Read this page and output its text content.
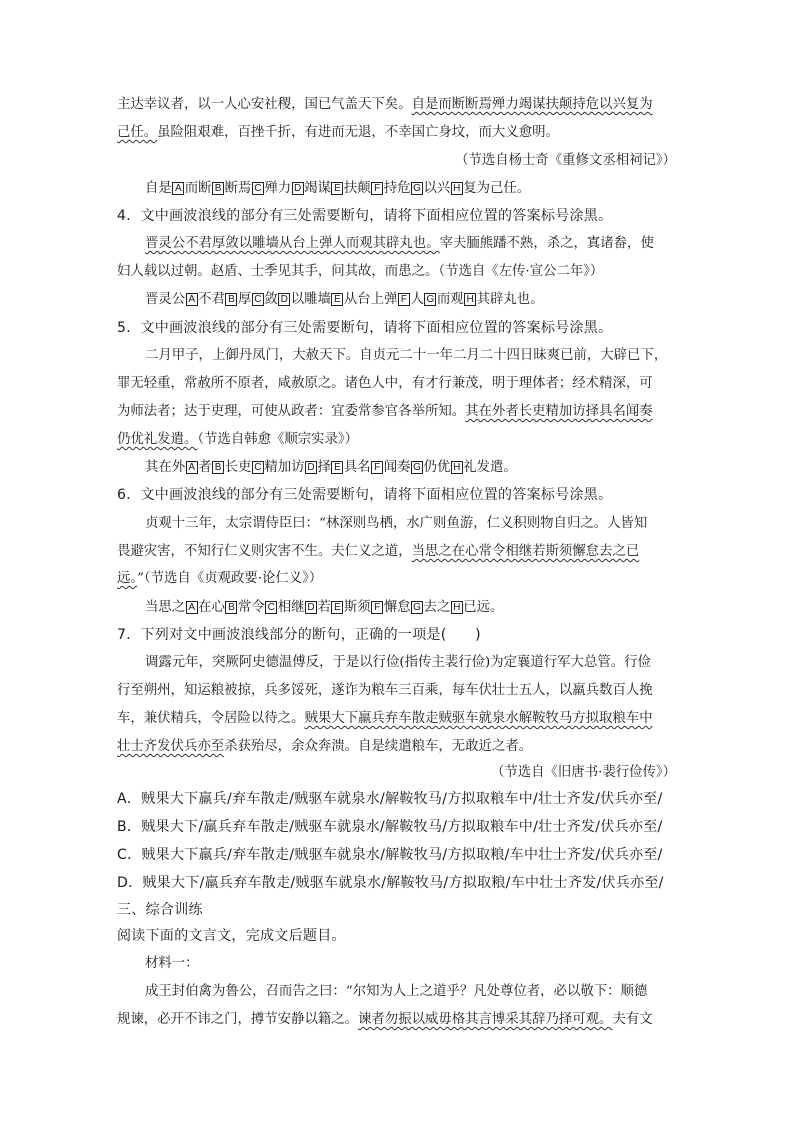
主达幸议者，以一人心安社稷，国已气盖天下矣。自是而断断焉殚力竭谋扶颠持危以兴复为
己任。虽险阻艰难，百挫千折，有进而无退，不幸国亡身坟，而大义愈明。
（节选自杨士奇《重修文丞相祠记》）
自是 A 而断 B 断焉 C 殚力 D 竭谋 E 扶颠 F 持危 G 以兴 H 复为己任。
4．文中画波浪线的部分有三处需要断句，请将下面相应位置的答案标号涂黑。
晋灵公不君厚敛以雕墙从台上弹人而观其辟丸也。宰夫胹熊蹯不熟，杀之，寘诸畚，使
妇人载以过朝。赵盾、士季见其手，问其故，而患之。（节选自《左传·宣公二年》）
晋灵公 A 不君 B 厚 C 敛 D 以雕墙 E 从台上弹 F 人 G 而观 H 其辟丸也。
5．文中画波浪线的部分有三处需要断句，请将下面相应位置的答案标号涂黑。
二月甲子，上御丹凤门，大赦天下。自贞元二十一年二月二十四日昧爽已前，大辟已下，
罪无轻重，常赦所不原者，咸赦原之。诸色人中，有才行兼茂，明于理体者；经术精深，可
为师法者；达于吏理，可使从政者：宜委常参官各举所知。其在外者长吏精加访择具名闻奏
仍优礼发遣。（节选自韩愈《顺宗实录》）
其在外 A 者 B 长吏 C 精加访 D 择 E 具名 F 闻奏 G 仍优 H 礼发遣。
6．文中画波浪线的部分有三处需要断句，请将下面相应位置的答案标号涂黑。
贞观十三年，太宗谓侍臣曰：“林深则鸟栖，水广则鱼游，仁义积则物自归之。人皆知
畏避灾害，不知行仁义则灾害不生。夫仁义之道，当思之在心常令相继若斯须懈怠去之已
远。”（节选自《贞观政要·论仁义》）
当思之 A 在心 B 常令 C 相继 D 若 E 斯须 F 懈怠 G 去之 H 已远。
7．下列对文中画波浪线部分的断句，正确的一项是(　　)
调露元年，突厥阿史德温傅反，于是以行俭(指传主裴行俭)为定襄道行军大总管。行俭
行至朔州，知运粮被掠，兵多馁死，遂诈为粮车三百乘，每车伏壮士五人，以羸兵数百人挽
车，兼伏精兵，令居险以待之。贼果大下羸兵弃车散走贼驱车就泉水解鞍牧马方拟取粮车中
壮士齐发伏兵亦至杀获殆尽，余众奔溃。自是续遣粮车，无敢近之者。
（节选自《旧唐书·裴行俭传》）
A．贼果大下羸兵/弃车散走/贼驱车就泉水/解鞍牧马/方拟取粮车中/壮士齐发/伏兵亦至/
B．贼果大下/羸兵弃车散走/贼驱车就泉水/解鞍牧马/方拟取粮车中/壮士齐发/伏兵亦至/
C．贼果大下羸兵/弃车散走/贼驱车就泉水/解鞍牧马/方拟取粮/车中壮士齐发/伏兵亦至/
D．贼果大下/羸兵弃车散走/贼驱车就泉水/解鞍牧马/方拟取粮/车中壮士齐发/伏兵亦至/
三、综合训练
阅读下面的文言文，完成文后题目。
材料一：
成王封伯禽为鲁公，召而告之曰：“尔知为人上之道乎？凡处尊位者，必以敬下：顺德
规谏，必开不讳之门，撙节安静以籍之。谏者勿振以威毋格其言博采其辞乃择可观。夫有文
